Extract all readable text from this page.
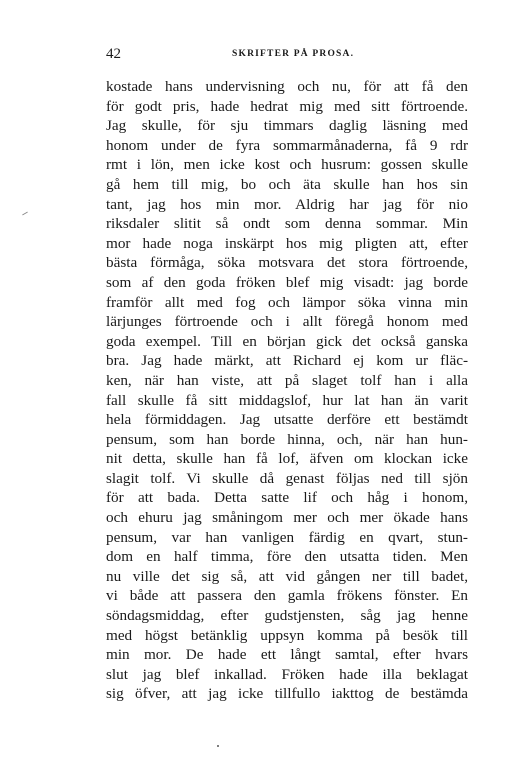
42	SKRIFTER PÅ PROSA.
kostade hans undervisning och nu, för att få den
för godt pris, hade hedrat mig med sitt förtroende.
Jag skulle, för sju timmars daglig läsning med
honom under de fyra sommarmånaderna, få 9 rdr
rmt i lön, men icke kost och husrum: gossen skulle
gå hem till mig, bo och äta skulle han hos sin
tant, jag hos min mor. Aldrig har jag för nio
riksdaler slitit så ondt som denna sommar. Min
mor hade noga inskärpt hos mig pligten att, efter
bästa förmåga, söka motsvara det stora förtroende,
som af den goda fröken blef mig visadt: jag borde
framför allt med fog och lämpor söka vinna min
lärjunges förtroende och i allt föregå honom med
goda exempel. Till en början gick det också ganska
bra. Jag hade märkt, att Richard ej kom ur fläc-
ken, när han viste, att på slaget tolf han i alla
fall skulle få sitt middagslof, hur lat han än varit
hela förmiddagen. Jag utsatte derföre ett bestämdt
pensum, som han borde hinna, och, när han hun-
nit detta, skulle han få lof, äfven om klockan icke
slagit tolf. Vi skulle då genast följas ned till sjön
för att bada. Detta satte lif och håg i honom,
och ehuru jag småningom mer och mer ökade hans
pensum, var han vanligen färdig en qvart, stun-
dom en half timma, före den utsatta tiden. Men
nu ville det sig så, att vid gången ner till badet,
vi både att passera den gamla frökens fönster. En
söndagsmiddag, efter gudstjensten, såg jag henne
med högst betänklig uppsyn komma på besök till
min mor. De hade ett långt samtal, efter hvars
slut jag blef inkallad. Fröken hade illa beklagat
sig öfver, att jag icke tillfullo iakttog de bestämda
